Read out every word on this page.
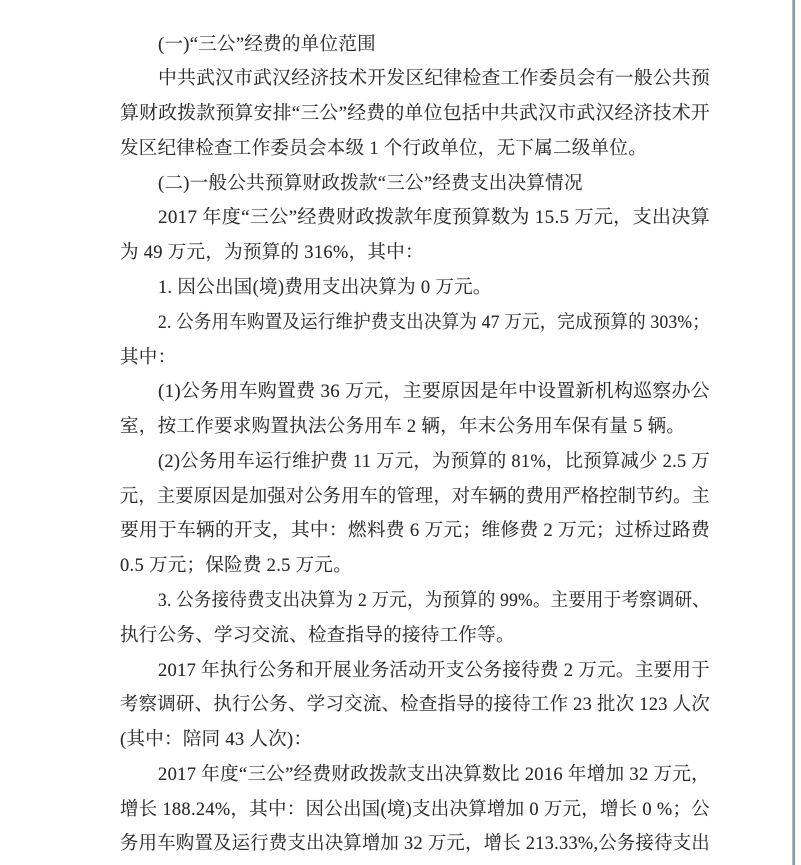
(一)“三公”经费的单位范围
中共武汉市武汉经济技术开发区纪律检查工作委员会有一般公共预
算财政拨款预算安排“三公”经费的单位包括中共武汉市武汉经济技术开
发区纪律检查工作委员会本级 1 个行政单位，无下属二级单位。
(二)一般公共预算财政拨款“三公”经费支出决算情况
2017 年度“三公”经费财政拨款年度预算数为 15.5 万元，支出决算
为 49 万元，为预算的 316%，其中：
1. 因公出国(境)费用支出决算为 0 万元。
2. 公务用车购置及运行维护费支出决算为 47 万元，完成预算的 303%；
其中：
(1)公务用车购置费 36 万元，主要原因是年中设置新机构巡察办公
室，按工作要求购置执法公务用车 2 辆，年末公务用车保有量 5 辆。
(2)公务用车运行维护费 11 万元，为预算的 81%，比预算减少 2.5 万
元，主要原因是加强对公务用车的管理，对车辆的费用严格控制节约。主
要用于车辆的开支，其中：燃料费 6 万元；维修费 2 万元；过桥过路费
0.5 万元；保险费 2.5 万元。
3. 公务接待费支出决算为 2 万元，为预算的 99%。主要用于考察调研、
执行公务、学习交流、检查指导的接待工作等。
2017 年执行公务和开展业务活动开支公务接待费 2 万元。主要用于
考察调研、执行公务、学习交流、检查指导的接待工作 23 批次 123 人次
(其中：陪同 43 人次)：
2017 年度“三公”经费财政拨款支出决算数比 2016 年增加 32 万元，
增长 188.24%，其中：因公出国(境)支出决算增加 0 万元，增长 0 %；公
务用车购置及运行费支出决算增加 32 万元，增长 213.33%,公务接待支出
